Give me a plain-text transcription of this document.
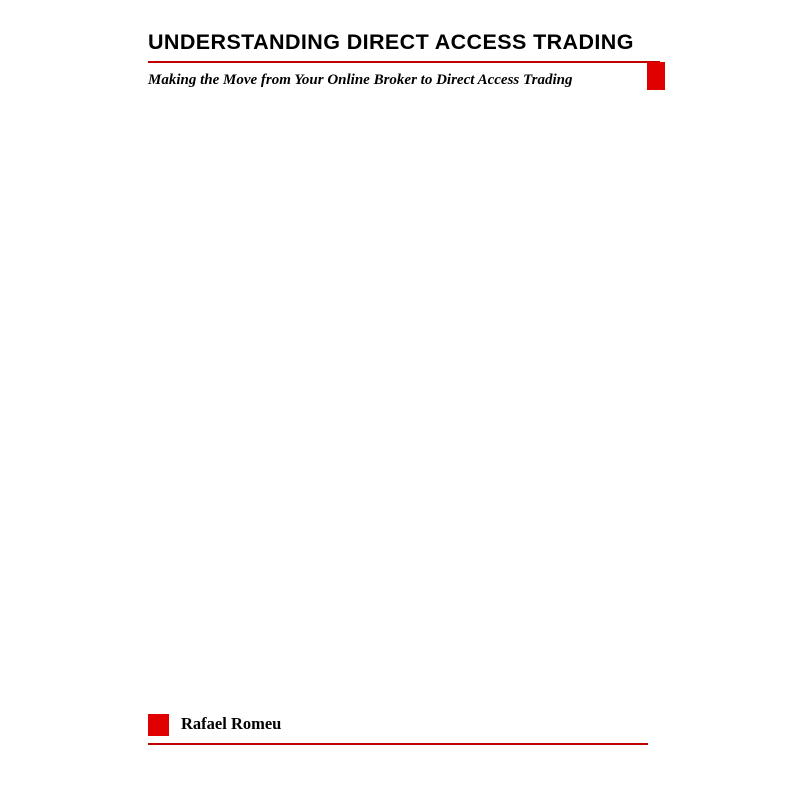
UNDERSTANDING DIRECT ACCESS TRADING
Making the Move from Your Online Broker to Direct Access Trading
Rafael Romeu
